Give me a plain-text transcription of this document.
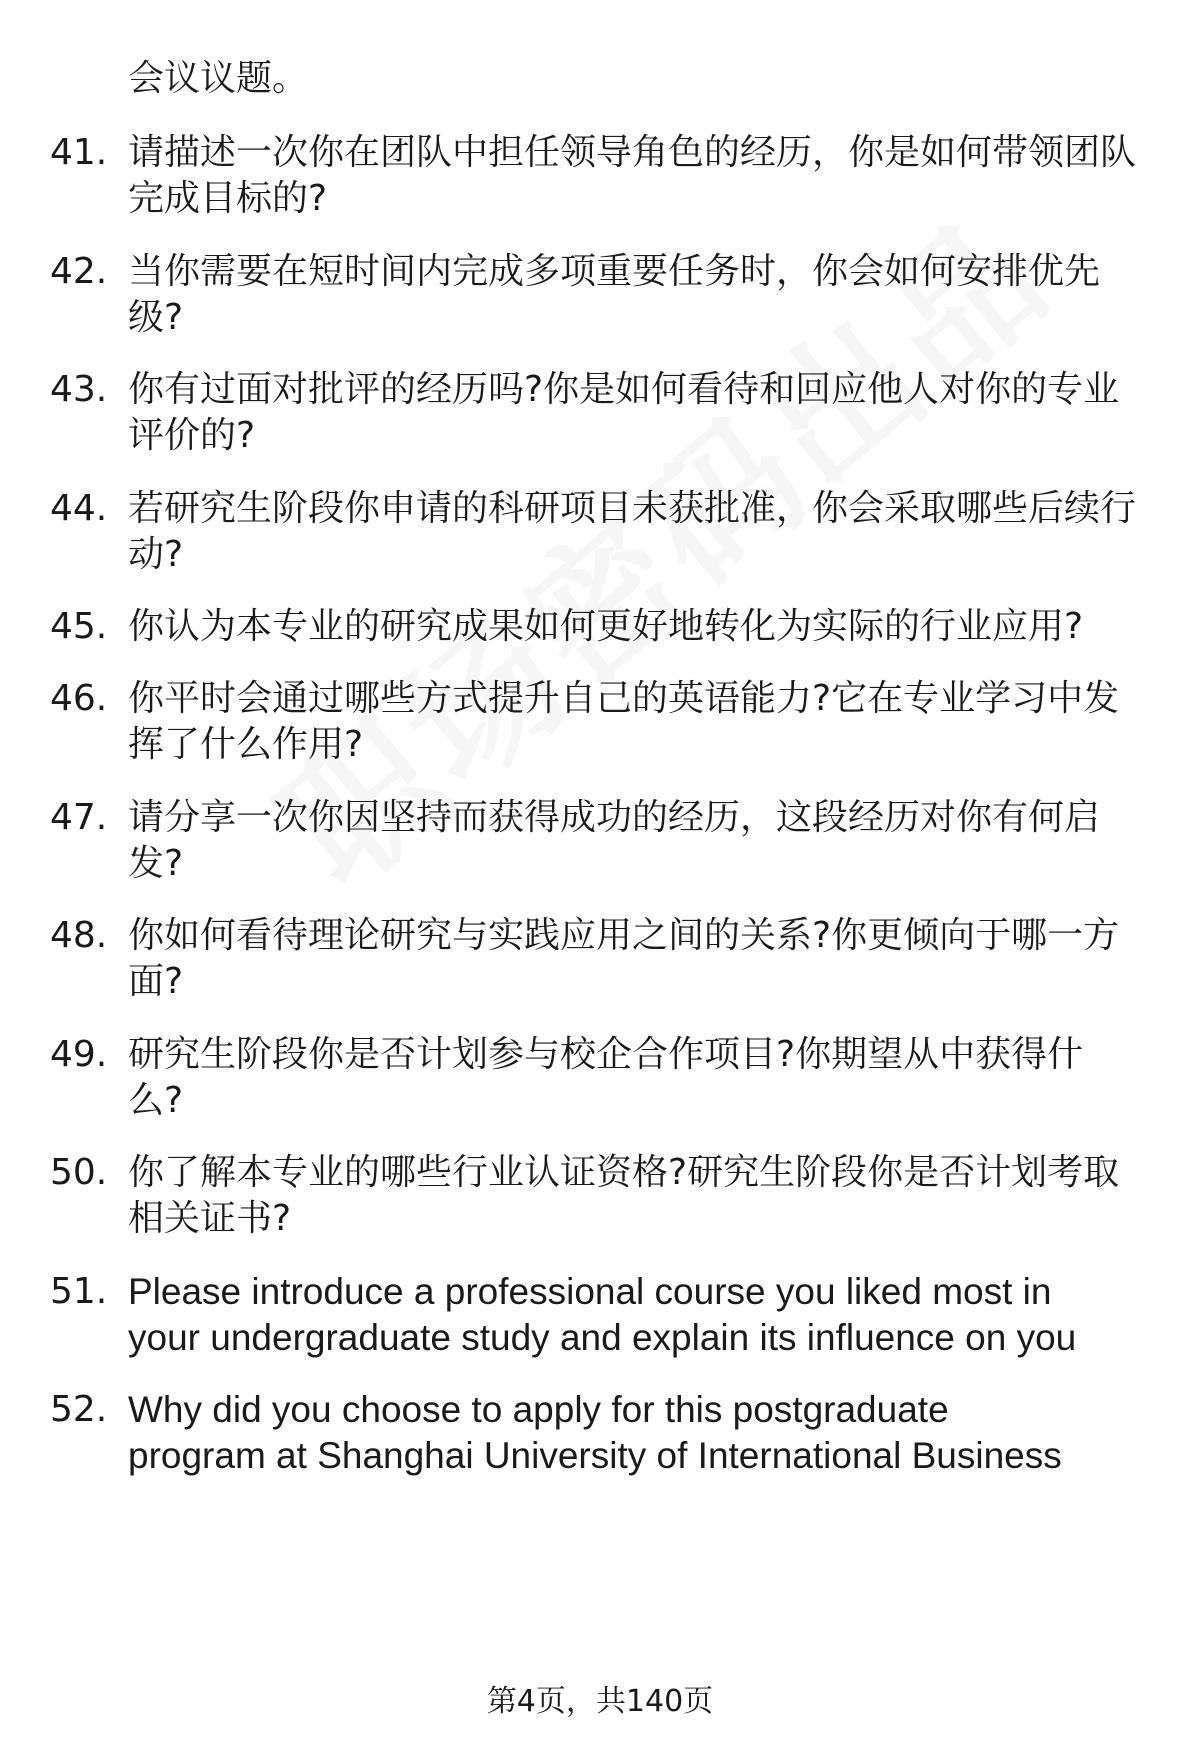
会议议题。
41. 请描述一次你在团队中担任领导角色的经历，你是如何带领团队
完成目标的?
42. 当你需要在短时间内完成多项重要任务时，你会如何安排优先
级?
43. 你有过面对批评的经历吗?你是如何看待和回应他人对你的专业
评价的?
44. 若研究生阶段你申请的科研项目未获批准，你会采取哪些后续行
动?
45. 你认为本专业的研究成果如何更好地转化为实际的行业应用?
46. 你平时会通过哪些方式提升自己的英语能力?它在专业学习中发
挥了什么作用?
47. 请分享一次你因坚持而获得成功的经历，这段经历对你有何启
发?
48. 你如何看待理论研究与实践应用之间的关系?你更倾向于哪一方
面?
49. 研究生阶段你是否计划参与校企合作项目?你期望从中获得什
么?
50. 你了解本专业的哪些行业认证资格?研究生阶段你是否计划考取
相关证书?
51. Please introduce a professional course you liked most in
your undergraduate study and explain its influence on you
52. Why did you choose to apply for this postgraduate
program at Shanghai University of International Business
第4页，共140页
